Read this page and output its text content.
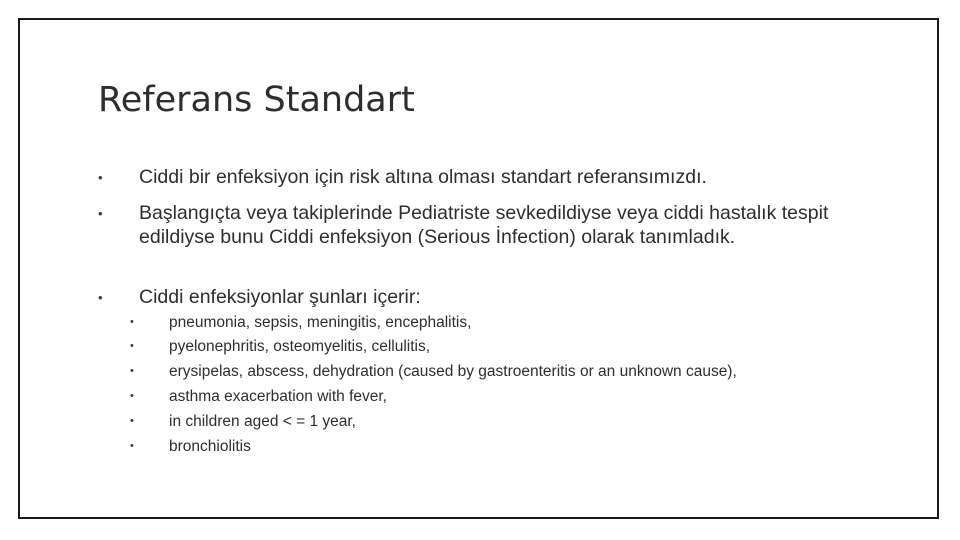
Referans Standart
•	Ciddi bir enfeksiyon için risk altına olması standart referansımızdı.
•	Başlangıçta veya takiplerinde Pediatriste sevkedildiyse veya ciddi hastalık tespit edildiyse bunu Ciddi enfeksiyon (Serious İnfection) olarak tanımladık.
•	Ciddi enfeksiyonlar şunları içerir:
• pneumonia, sepsis, meningitis, encephalitis,
• pyelonephritis, osteomyelitis, cellulitis,
• erysipelas, abscess, dehydration (caused by gastroenteritis or an unknown cause),
• asthma exacerbation with fever,
• in children aged < = 1 year,
• bronchiolitis
